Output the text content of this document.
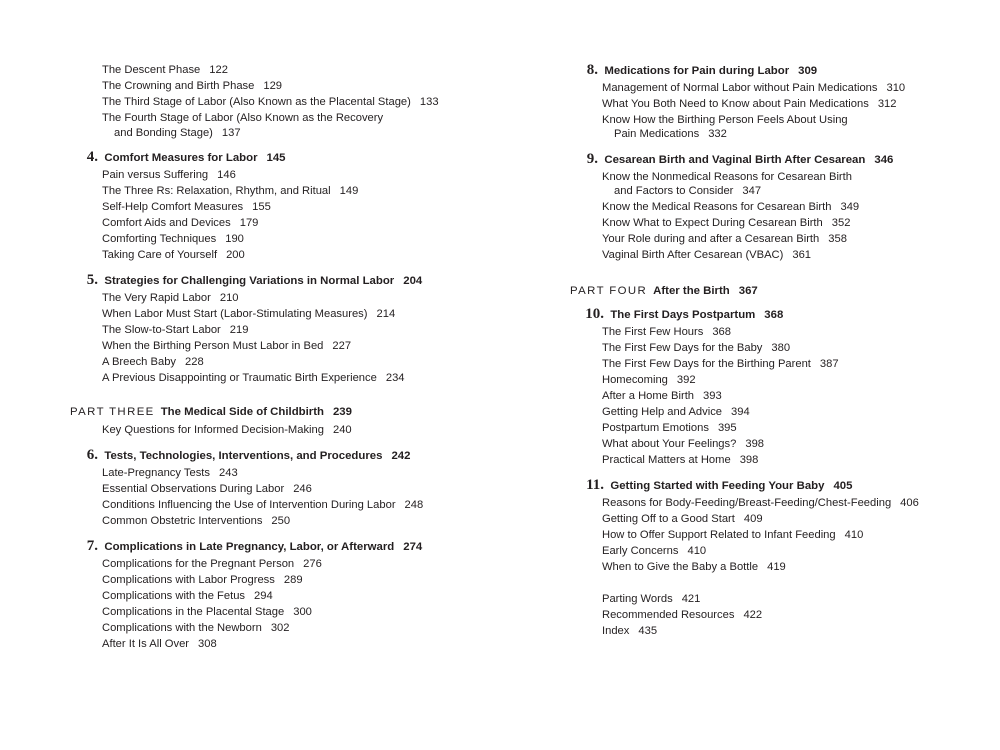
The Descent Phase 122
The Crowning and Birth Phase 129
The Third Stage of Labor (Also Known as the Placental Stage) 133
The Fourth Stage of Labor (Also Known as the Recovery
and Bonding Stage) 137
4. Comfort Measures for Labor 145
Pain versus Suffering 146
The Three Rs: Relaxation, Rhythm, and Ritual 149
Self-Help Comfort Measures 155
Comfort Aids and Devices 179
Comforting Techniques 190
Taking Care of Yourself 200
5. Strategies for Challenging Variations in Normal Labor 204
The Very Rapid Labor 210
When Labor Must Start (Labor-Stimulating Measures) 214
The Slow-to-Start Labor 219
When the Birthing Person Must Labor in Bed 227
A Breech Baby 228
A Previous Disappointing or Traumatic Birth Experience 234
PART THREE The Medical Side of Childbirth 239
Key Questions for Informed Decision-Making 240
6. Tests, Technologies, Interventions, and Procedures 242
Late-Pregnancy Tests 243
Essential Observations During Labor 246
Conditions Influencing the Use of Intervention During Labor 248
Common Obstetric Interventions 250
7. Complications in Late Pregnancy, Labor, or Afterward 274
Complications for the Pregnant Person 276
Complications with Labor Progress 289
Complications with the Fetus 294
Complications in the Placental Stage 300
Complications with the Newborn 302
After It Is All Over 308
8. Medications for Pain during Labor 309
Management of Normal Labor without Pain Medications 310
What You Both Need to Know about Pain Medications 312
Know How the Birthing Person Feels About Using
Pain Medications 332
9. Cesarean Birth and Vaginal Birth After Cesarean 346
Know the Nonmedical Reasons for Cesarean Birth
and Factors to Consider 347
Know the Medical Reasons for Cesarean Birth 349
Know What to Expect During Cesarean Birth 352
Your Role during and after a Cesarean Birth 358
Vaginal Birth After Cesarean (VBAC) 361
PART FOUR After the Birth 367
10. The First Days Postpartum 368
The First Few Hours 368
The First Few Days for the Baby 380
The First Few Days for the Birthing Parent 387
Homecoming 392
After a Home Birth 393
Getting Help and Advice 394
Postpartum Emotions 395
What about Your Feelings? 398
Practical Matters at Home 398
11. Getting Started with Feeding Your Baby 405
Reasons for Body-Feeding/Breast-Feeding/Chest-Feeding 406
Getting Off to a Good Start 409
How to Offer Support Related to Infant Feeding 410
Early Concerns 410
When to Give the Baby a Bottle 419
Parting Words 421
Recommended Resources 422
Index 435
